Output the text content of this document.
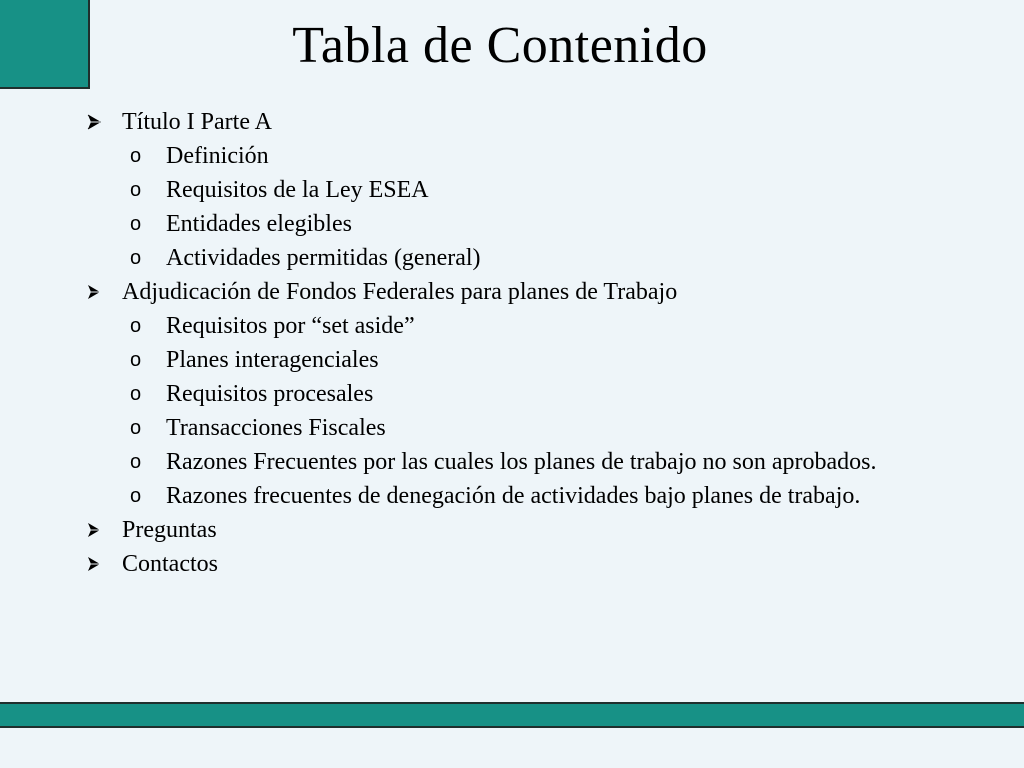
Tabla de Contenido
Título I Parte A
o Definición
o Requisitos de la Ley ESEA
o Entidades elegibles
o Actividades permitidas (general)
Adjudicación de Fondos Federales para planes de Trabajo
o Requisitos por “set aside”
o Planes interagenciales
o Requisitos procesales
o Transacciones Fiscales
o Razones Frecuentes por las cuales los planes de trabajo no son aprobados.
o Razones frecuentes de denegación de actividades bajo planes de trabajo.
Preguntas
Contactos
